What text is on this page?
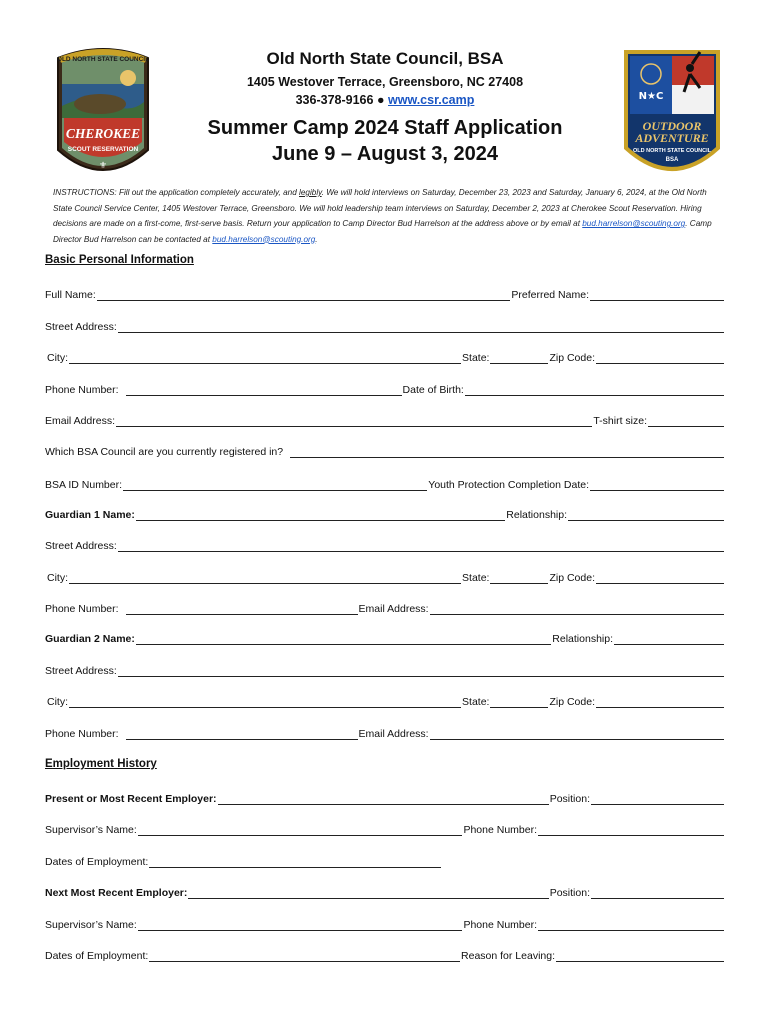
OLD NORTH STATE COUNCIL
CHEROKEE
SCOUT RESERVATION
⚜
Old North State Council, BSA
1405 Westover Terrace, Greensboro, NC 27408
336-378-9166 ● www.csr.camp
Summer Camp 2024 Staff Application
June 9 – August 3, 2024
N★C
OUTDOOR
ADVENTURE
OLD NORTH STATE COUNCIL
BSA
INSTRUCTIONS: Fill out the application completely accurately, and legibly. We will hold interviews on Saturday, December 23, 2023 and Saturday, January 6, 2024, at the Old North State Council Service Center, 1405 Westover Terrace, Greensboro. We will hold leadership team interviews on Saturday, December 2, 2023 at Cherokee Scout Reservation. Hiring decisions are made on a first-come, first-serve basis. Return your application to Camp Director Bud Harrelson at the address above or by email at bud.harrelson@scouting.org. Camp Director Bud Harrelson can be contacted at bud.harrelson@scouting.org.
Basic Personal Information
Full Name:	Preferred Name:
Street Address:
City:	State:	Zip Code:
Phone Number:	Date of Birth:
Email Address:	T-shirt size:
Which BSA Council are you currently registered in?
BSA ID Number:	Youth Protection Completion Date:
Guardian 1 Name:	Relationship:
Street Address:
City:	State:	Zip Code:
Phone Number:	Email Address:
Guardian 2 Name:	Relationship:
Street Address:
City:	State:	Zip Code:
Phone Number:	Email Address:
Employment History
Present or Most Recent Employer:	Position:
Supervisor’s Name:	Phone Number:
Dates of Employment:
Next Most Recent Employer:	Position:
Supervisor’s Name:	Phone Number:
Dates of Employment:	Reason for Leaving:
